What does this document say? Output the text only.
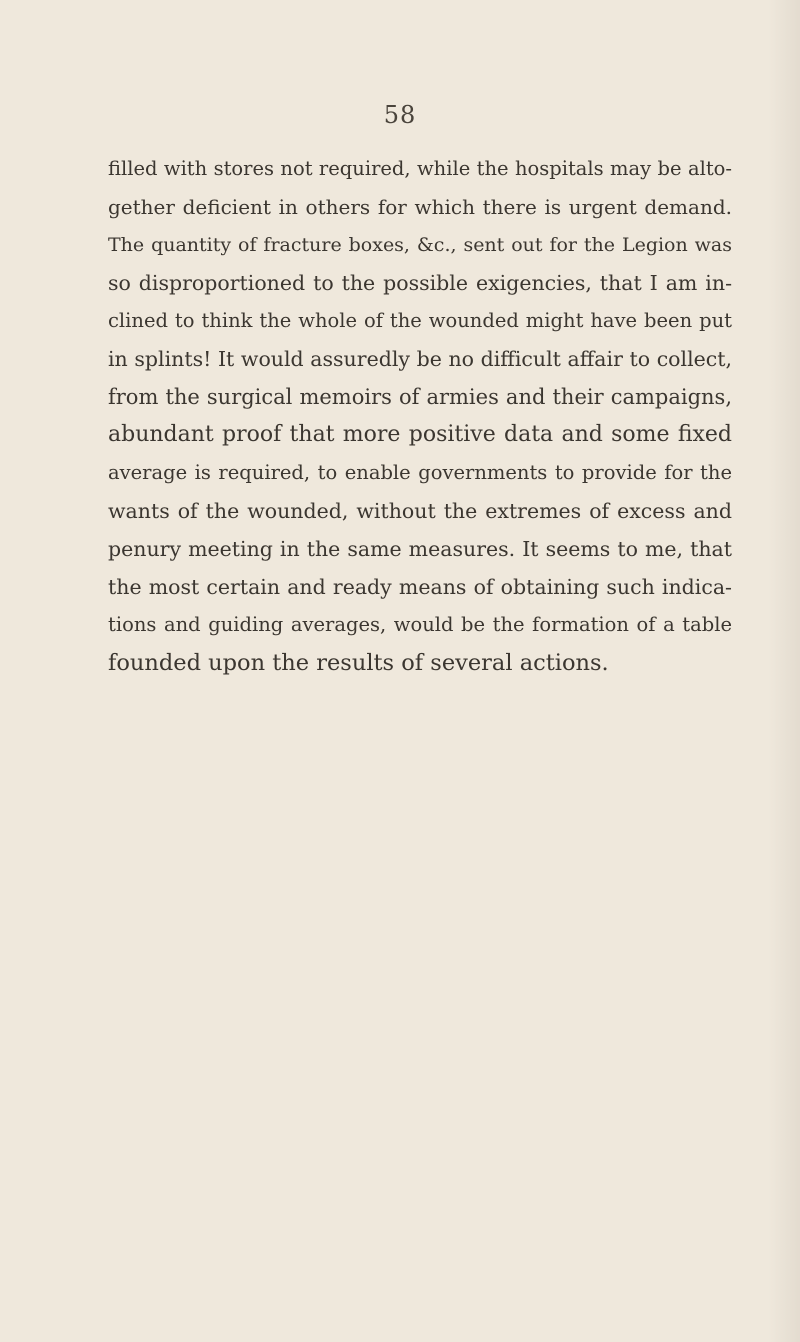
58
filled with stores not required, while the hospitals may be alto-
gether deficient in others for which there is urgent demand.
The quantity of fracture boxes, &c., sent out for the Legion was
so disproportioned to the possible exigencies, that I am in-
clined to think the whole of the wounded might have been put
in splints! It would assuredly be no difficult affair to collect,
from the surgical memoirs of armies and their campaigns,
abundant proof that more positive data and some fixed
average is required, to enable governments to provide for the
wants of the wounded, without the extremes of excess and
penury meeting in the same measures. It seems to me, that
the most certain and ready means of obtaining such indica-
tions and guiding averages, would be the formation of a table
founded upon the results of several actions.
